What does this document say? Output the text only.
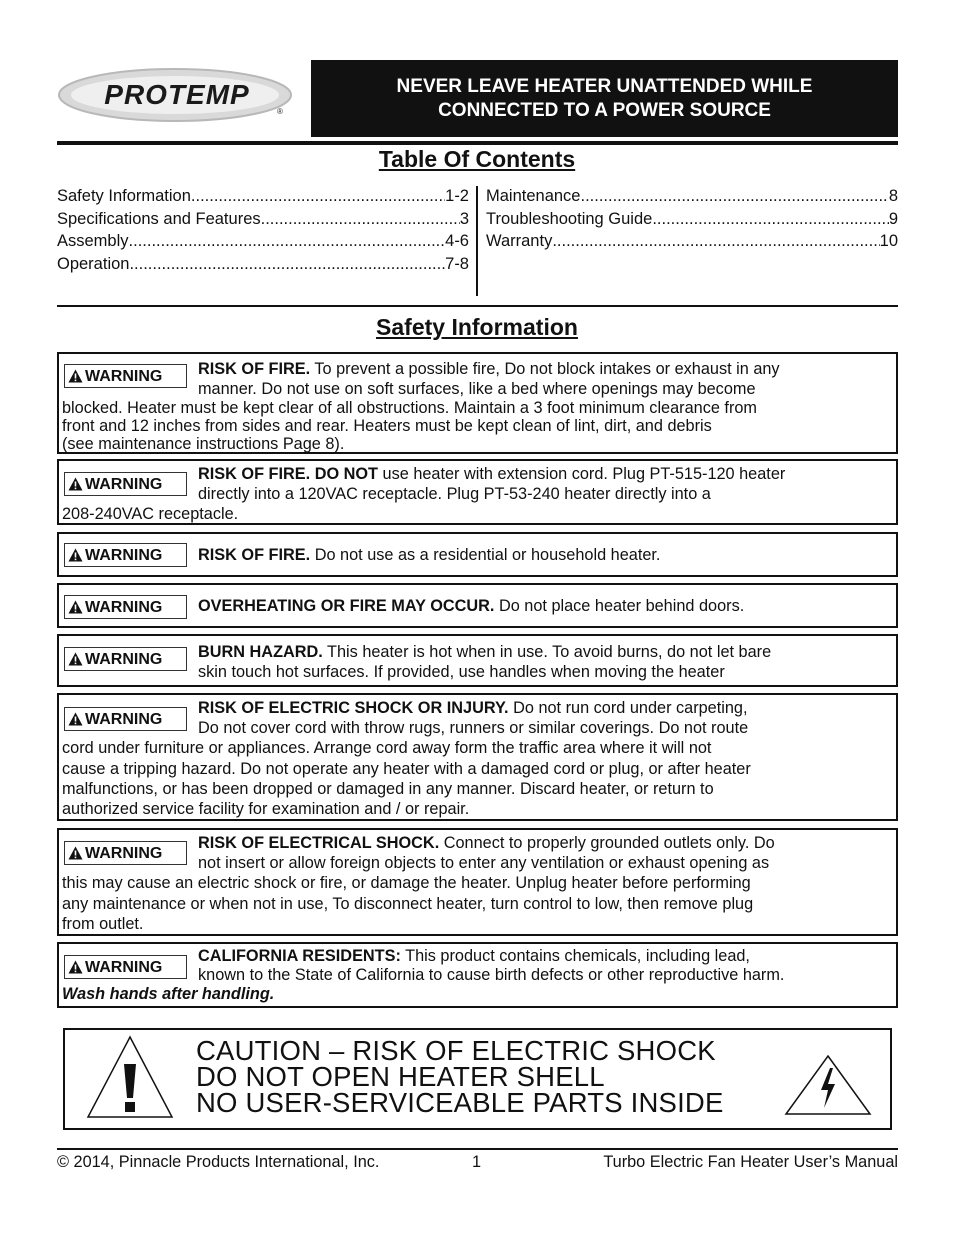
PROTEMP
®
NEVER LEAVE HEATER UNATTENDED WHILE
CONNECTED TO A POWER SOURCE
Table Of Contents
Safety Information .....	1-2
Specifications and Features .....	3
Assembly .....	4-6
Operation .....	7-8
Maintenance .....	8
Troubleshooting Guide .....	9
Warranty .....	10
Safety Information
WARNING	RISK OF FIRE. To prevent a possible fire, Do not block intakes or exhaust in any
manner. Do not use on soft surfaces, like a bed where openings may become
blocked. Heater must be kept clear of all obstructions. Maintain a 3 foot minimum clearance from
front and 12 inches from sides and rear. Heaters must be kept clean of lint, dirt, and debris
(see maintenance instructions Page 8).
WARNING
RISK OF FIRE. DO NOT use heater with extension cord. Plug PT-515-120 heater
directly into a 120VAC receptacle. Plug PT-53-240 heater directly into a
208-240VAC receptacle.
WARNING	RISK OF FIRE. Do not use as a residential or household heater.
WARNING	OVERHEATING OR FIRE MAY OCCUR. Do not place heater behind doors.
WARNING	BURN HAZARD. This heater is hot when in use. To avoid burns, do not let bare
skin touch hot surfaces. If provided, use handles when moving the heater
WARNING
RISK OF ELECTRIC SHOCK OR INJURY. Do not run cord under carpeting,
Do not cover cord with throw rugs, runners or similar coverings. Do not route
cord under furniture or appliances. Arrange cord away form the traffic area where it will not
cause a tripping hazard. Do not operate any heater with a damaged cord or plug, or after heater
malfunctions, or has been dropped or damaged in any manner. Discard heater, or return to
authorized service facility for examination and / or repair.
WARNING
RISK OF ELECTRICAL SHOCK. Connect to properly grounded outlets only. Do
not insert or allow foreign objects to enter any ventilation or exhaust opening as
this may cause an electric shock or fire, or damage the heater. Unplug heater before performing
any maintenance or when not in use, To disconnect heater, turn control to low, then remove plug
from outlet.
WARNING
CALIFORNIA RESIDENTS: This product contains chemicals, including lead,
known to the State of California to cause birth defects or other reproductive harm.
Wash hands after handling.
CAUTION – RISK OF ELECTRIC SHOCK
DO NOT OPEN HEATER SHELL
NO USER-SERVICEABLE PARTS INSIDE
© 2014, Pinnacle Products International, Inc.	1	Turbo Electric Fan Heater User’s Manual
